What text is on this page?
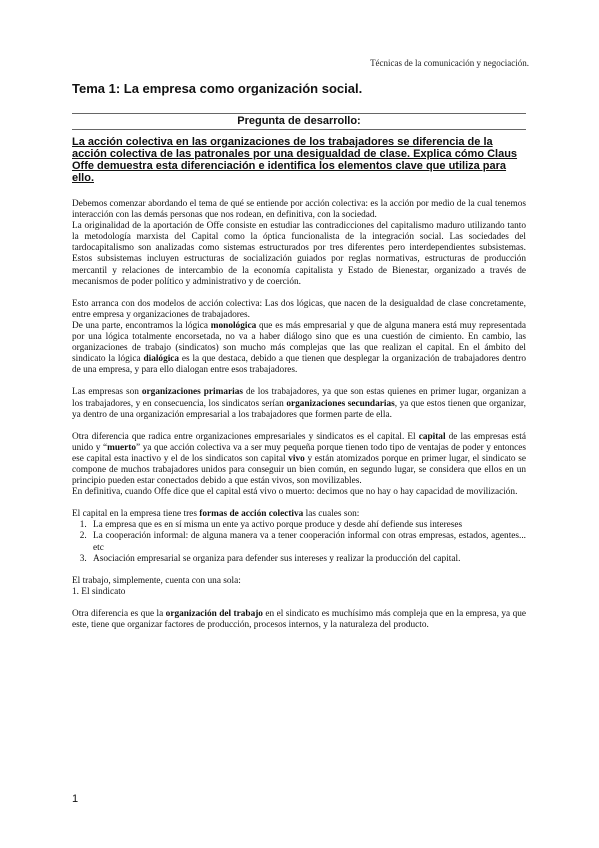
Técnicas de la comunicación y negociación.
Tema 1: La empresa como organización social.
Pregunta de desarrollo:
La acción colectiva en las organizaciones de los trabajadores se diferencia de la acción colectiva de las patronales por una desigualdad de clase. Explica cómo Claus Offe demuestra esta diferenciación e identifica los elementos clave que utiliza para ello.

Debemos comenzar abordando el tema de qué se entiende por acción colectiva: es la acción por medio de la cual tenemos interacción con las demás personas que nos rodean, en definitiva, con la sociedad.

La originalidad de la aportación de Offe consiste en estudiar las contradicciones del capitalismo maduro utilizando tanto la metodología marxista del Capital como la óptica funcionalista de la integración social. Las sociedades del tardocapitalismo son analizadas como sistemas estructurados por tres diferentes pero interdependientes subsistemas. Estos subsistemas incluyen estructuras de socialización guiados por reglas normativas, estructuras de producción mercantil y relaciones de intercambio de la economía capitalista y Estado de Bienestar, organizado a través de mecanismos de poder político y administrativo y de coerción.

Esto arranca con dos modelos de acción colectiva: Las dos lógicas, que nacen de la desigualdad de clase concretamente, entre empresa y organizaciones de trabajadores.

De una parte, encontramos la lógica monológica que es más empresarial y que de alguna manera está muy representada por una lógica totalmente encorsetada, no va a haber diálogo sino que es una cuestión de cimiento. En cambio, las organizaciones de trabajo (sindicatos) son mucho más complejas que las que realizan el capital. En el ámbito del sindicato la lógica dialógica es la que destaca, debido a que tienen que desplegar la organización de trabajadores dentro de una empresa, y para ello dialogan entre esos trabajadores.

Las empresas son organizaciones primarias de los trabajadores, ya que son estas quienes en primer lugar, organizan a los trabajadores, y en consecuencia, los sindicatos serían organizaciones secundarias, ya que estos tienen que organizar, ya dentro de una organización empresarial a los trabajadores que formen parte de ella.

Otra diferencia que radica entre organizaciones empresariales y sindicatos es el capital. El capital de las empresas está unido y “muerto” ya que acción colectiva va a ser muy pequeña porque tienen todo tipo de ventajas de poder y entonces ese capital esta inactivo y el de los sindicatos son capital vivo y están atomizados porque en primer lugar, el sindicato se compone de muchos trabajadores unidos para conseguir un bien común, en segundo lugar, se considera que ellos en un principio pueden estar conectados debido a que están vivos, son movilizables.

En definitiva, cuando Offe dice que el capital está vivo o muerto: decimos que no hay o hay capacidad de movilización.

El capital en la empresa tiene tres formas de acción colectiva las cuales son:

1. La empresa que es en sí misma un ente ya activo porque produce y desde ahí defiende sus intereses
2. La cooperación informal: de alguna manera va a tener cooperación informal con otras empresas, estados, agentes... etc
3. Asociación empresarial se organiza para defender sus intereses y realizar la producción del capital.

El trabajo, simplemente, cuenta con una sola:

1. El sindicato

Otra diferencia es que la organización del trabajo en el sindicato es muchísimo más compleja que en la empresa, ya que este, tiene que organizar factores de producción, procesos internos, y la naturaleza del producto.

1
